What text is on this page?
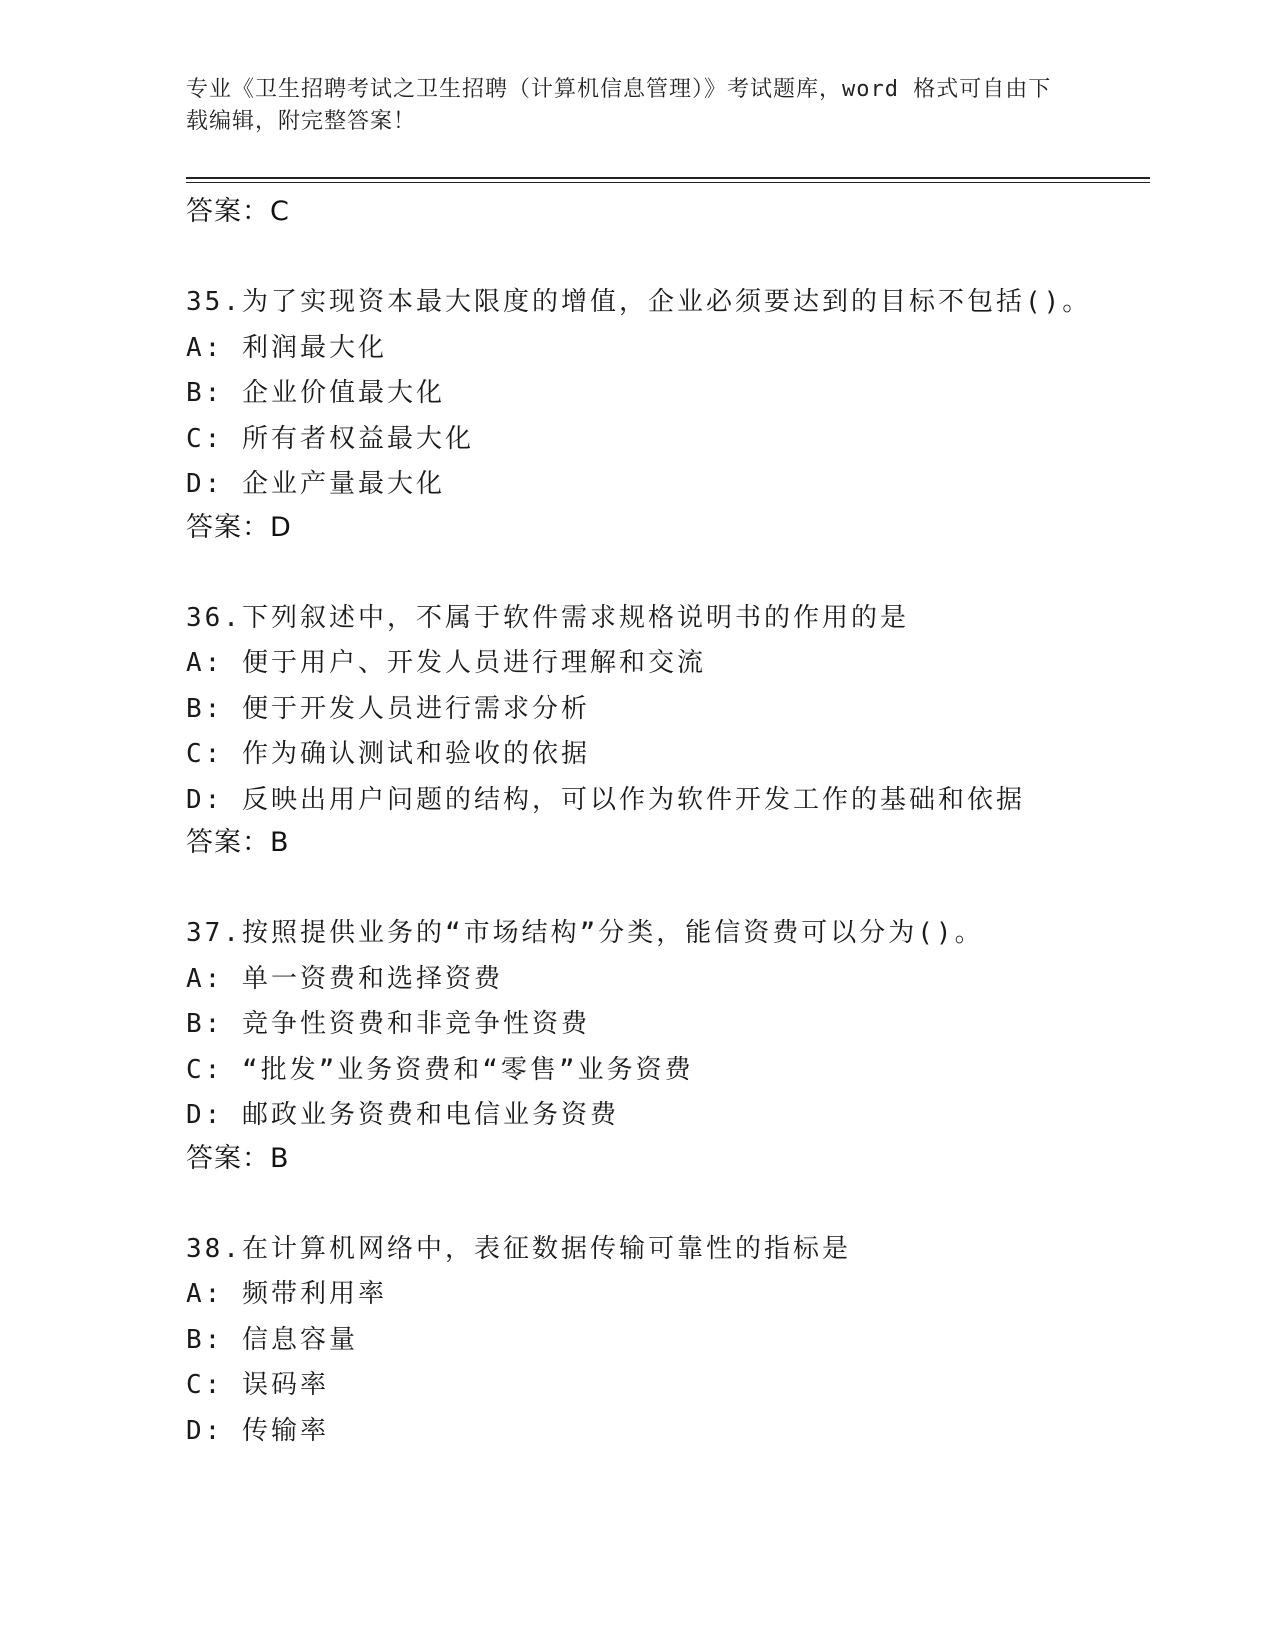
专业《卫生招聘考试之卫生招聘（计算机信息管理）》考试题库，word 格式可自由下载编辑，附完整答案！
答案：C
35.为了实现资本最大限度的增值，企业必须要达到的目标不包括()。
A: 利润最大化
B: 企业价值最大化
C: 所有者权益最大化
D: 企业产量最大化
答案：D
36.下列叙述中，不属于软件需求规格说明书的作用的是
A: 便于用户、开发人员进行理解和交流
B: 便于开发人员进行需求分析
C: 作为确认测试和验收的依据
D: 反映出用户问题的结构，可以作为软件开发工作的基础和依据
答案：B
37.按照提供业务的“市场结构”分类，能信资费可以分为()。
A: 单一资费和选择资费
B: 竞争性资费和非竞争性资费
C: “批发”业务资费和“零售”业务资费
D: 邮政业务资费和电信业务资费
答案：B
38.在计算机网络中，表征数据传输可靠性的指标是
A: 频带利用率
B: 信息容量
C: 误码率
D: 传输率
